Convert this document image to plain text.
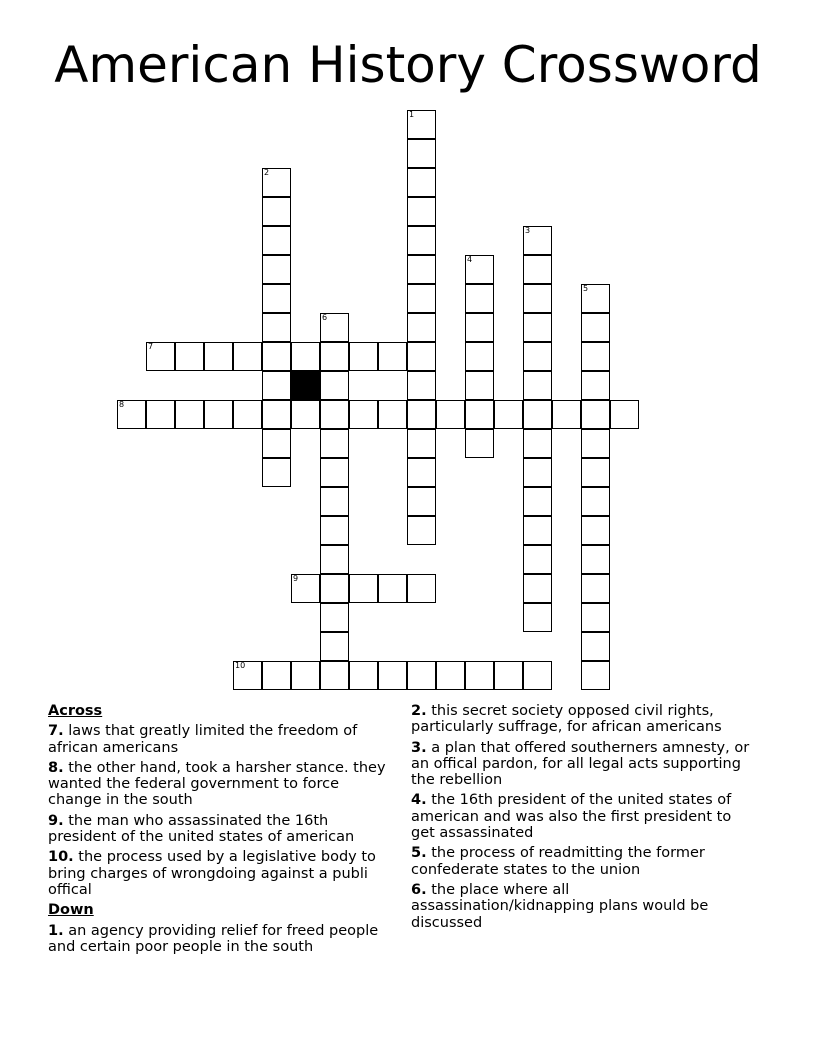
American History Crossword
1
2
3
4
5
6
7
8
9
10
Across
7. laws that greatly limited the freedom of african americans
8. the other hand, took a harsher stance. they wanted the federal government to force change in the south
9. the man who assassinated the 16th president of the united states of american
10. the process used by a legislative body to bring charges of wrongdoing against a publi offical
Down
1. an agency providing relief for freed people and certain poor people in the south
2. this secret society opposed civil rights, particularly suffrage, for african americans
3. a plan that offered southerners amnesty, or an offical pardon, for all legal acts supporting the rebellion
4. the 16th president of the united states of american and was also the first president to get assassinated
5. the process of readmitting the former confederate states to the union
6. the place where all assassination/kidnapping plans would be discussed
